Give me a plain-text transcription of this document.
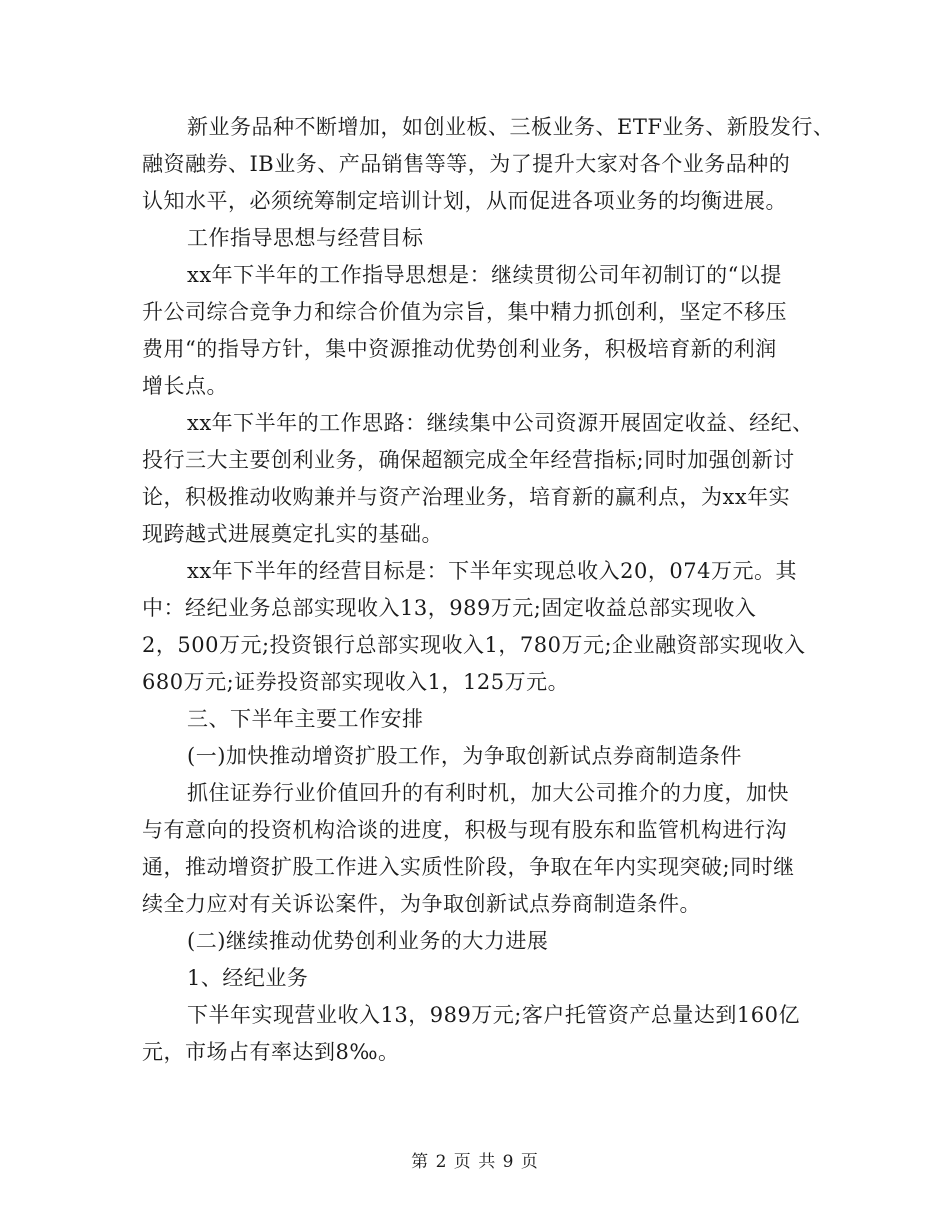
新业务品种不断增加，如创业板、三板业务、ETF业务、新股发行、
融资融券、IB业务、产品销售等等，为了提升大家对各个业务品种的
认知水平，必须统筹制定培训计划，从而促进各项业务的均衡进展。
工作指导思想与经营目标
xx年下半年的工作指导思想是：继续贯彻公司年初制订的“以提
升公司综合竞争力和综合价值为宗旨，集中精力抓创利，坚定不移压
费用“的指导方针，集中资源推动优势创利业务，积极培育新的利润
增长点。
xx年下半年的工作思路：继续集中公司资源开展固定收益、经纪、
投行三大主要创利业务，确保超额完成全年经营指标;同时加强创新讨
论，积极推动收购兼并与资产治理业务，培育新的赢利点，为xx年实
现跨越式进展奠定扎实的基础。
xx年下半年的经营目标是：下半年实现总收入20，074万元。其
中：经纪业务总部实现收入13，989万元;固定收益总部实现收入
2，500万元;投资银行总部实现收入1，780万元;企业融资部实现收入
680万元;证券投资部实现收入1，125万元。
三、下半年主要工作安排
(一)加快推动增资扩股工作，为争取创新试点券商制造条件
抓住证券行业价值回升的有利时机，加大公司推介的力度，加快
与有意向的投资机构洽谈的进度，积极与现有股东和监管机构进行沟
通，推动增资扩股工作进入实质性阶段，争取在年内实现突破;同时继
续全力应对有关诉讼案件，为争取创新试点券商制造条件。
(二)继续推动优势创利业务的大力进展
1、经纪业务
下半年实现营业收入13，989万元;客户托管资产总量达到160亿
元，市场占有率达到8‰。
第 2 页 共 9 页
